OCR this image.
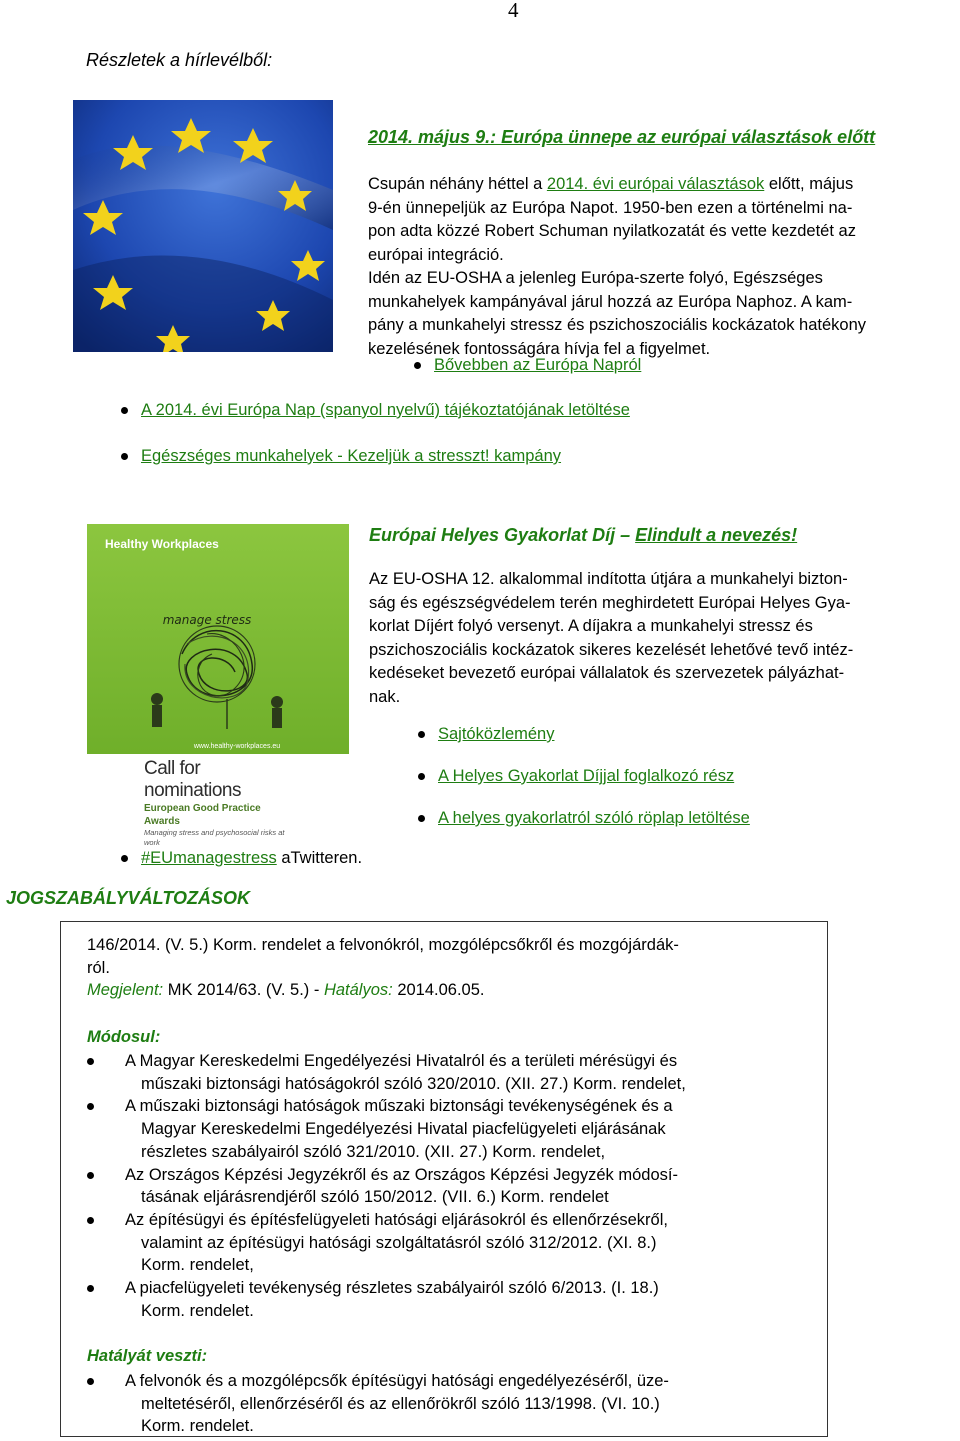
4
Részletek a hírlevélből:
2014. május 9.: Európa ünnepe az európai választások előtt

Csupán néhány héttel a 2014. évi európai választások előtt, május

9-én ünnepeljük az Európa Napot. 1950-ben ezen a történelmi na-

pon adta közzé Robert Schuman nyilatkozatát és vette kezdetét az

európai integráció.

Idén az EU-OSHA a jelenleg Európa-szerte folyó, Egészséges

munkahelyek kampányával járul hozzá az Európa Naphoz. A kam-

pány a munkahelyi stressz és pszichoszociális kockázatok hatékony

kezelésének fontosságára hívja fel a figyelmet.

Bővebben az Európa Napról
A 2014. évi Európa Nap (spanyol nyelvű) tájékoztatójának letöltése
Egészséges munkahelyek - Kezeljük a stresszt! kampány
Healthy Workplaces
manage stress
www.healthy-workplaces.eu
Call for nominations
European Good Practice Awards
Managing stress and psychosocial risks at work
Európai Helyes Gyakorlat Díj – Elindult a nevezés!

Az EU-OSHA 12. alkalommal indította útjára a munkahelyi bizton-

ság és egészségvédelem terén meghirdetett Európai Helyes Gya-

korlat Díjért folyó versenyt. A díjakra a munkahelyi stressz és

pszichoszociális kockázatok sikeres kezelését lehetővé tevő intéz-

kedéseket bevezető európai vállalatok és szervezetek pályázhat-

nak.

Sajtóközlemény
A Helyes Gyakorlat Díjjal foglalkozó rész
A helyes gyakorlatról szóló röplap letöltése
#EUmanagestress aTwitteren.
JOGSZABÁLYVÁLTOZÁSOK

146/2014. (V. 5.) Korm. rendelet a felvonókról, mozgólépcsőkről és mozgójárdák-

ról.

Megjelent: MK 2014/63. (V. 5.) - Hatályos: 2014.06.05.

Módosul:

A Magyar Kereskedelmi Engedélyezési Hivatalról és a területi mérésügyi és
műszaki biztonsági hatóságokról szóló 320/2010. (XII. 27.) Korm. rendelet,
A műszaki biztonsági hatóságok műszaki biztonsági tevékenységének és a
Magyar Kereskedelmi Engedélyezési Hivatal piacfelügyeleti eljárásának
részletes szabályairól szóló 321/2010. (XII. 27.) Korm. rendelet,
Az Országos Képzési Jegyzékről és az Országos Képzési Jegyzék módosí-
tásának eljárásrendjéről szóló 150/2012. (VII. 6.) Korm. rendelet
Az építésügyi és építésfelügyeleti hatósági eljárásokról és ellenőrzésekről,
valamint az építésügyi hatósági szolgáltatásról szóló 312/2012. (XI. 8.)
Korm. rendelet,
A piacfelügyeleti tevékenység részletes szabályairól szóló 6/2013. (I. 18.)
Korm. rendelet.

Hatályát veszti:

A felvonók és a mozgólépcsők építésügyi hatósági engedélyezéséről, üze-
meltetéséről, ellenőrzéséről és az ellenőrökről szóló 113/1998. (VI. 10.)
Korm. rendelet.
